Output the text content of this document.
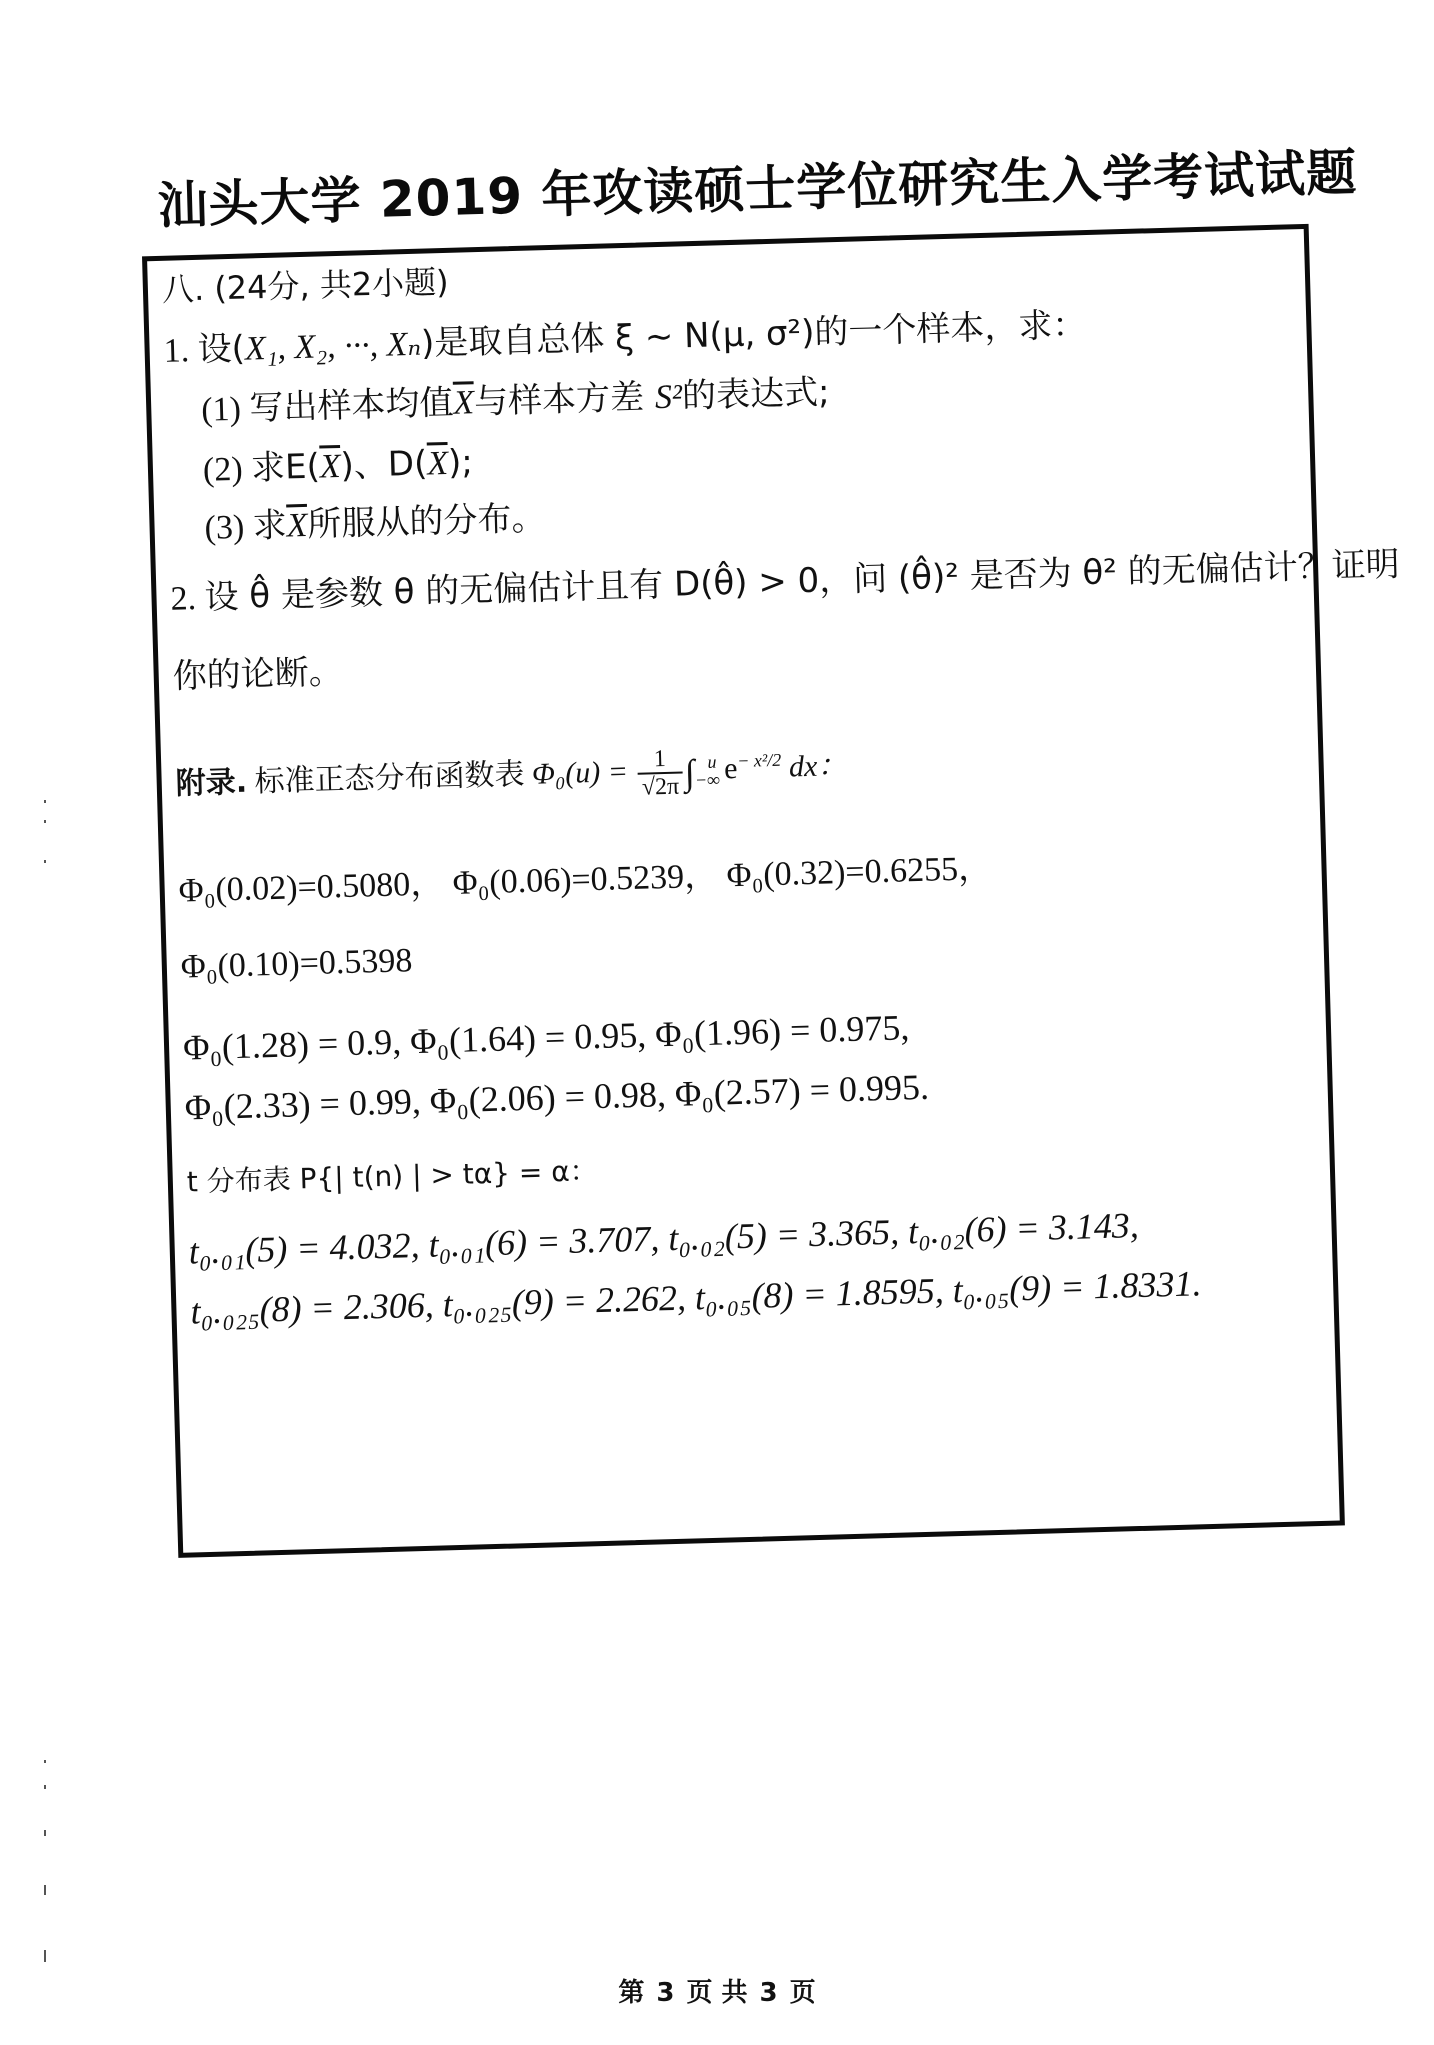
汕头大学 2019 年攻读硕士学位研究生入学考试试题
八. (24分, 共2小题)
1. 设(X₁, X₂, ···, Xₙ)是取自总体 ξ ~ N(μ, σ²)的一个样本，求：
(1) 写出样本均值$\overline{X}$与样本方差 S²的表达式;
(2) 求$E(\overline{X})$、$D(\overline{X})$;
(3) 求$\overline{X}$所服从的分布。
2. 设 θ̂ 是参数 θ 的无偏估计且有 D(θ̂) > 0，问 (θ̂)² 是否为 θ² 的无偏估计？证明
你的论断。
附录. 标准正态分布函数表 $\Phi_0(u) = \frac{1}{√2\pi} \int_{-\infty}^u$ $e^{- x^2/2}$ dx：
Φ₀(0.02)=0.5080， Φ₀(0.06)=0.5239， Φ₀(0.32)=0.6255，
Φ₀(0.10)=0.5398
Φ₀(1.28) = 0.9, Φ₀(1.64) = 0.95, Φ₀(1.96) = 0.975,
Φ₀(2.33) = 0.99, Φ₀(2.06) = 0.98, Φ₀(2.57) = 0.995.
t 分布表 P{| t(n) | > tα} = α：
t₀.₀₁(5) = 4.032, t₀.₀₁(6) = 3.707, t₀.₀₂(5) = 3.365, t₀.₀₂(6) = 3.143,
t₀.₀₂₅(8) = 2.306, t₀.₀₂₅(9) = 2.262, t₀.₀₅(8) = 1.8595, t₀.₀₅(9) = 1.8331.
第 3 页 共 3 页
